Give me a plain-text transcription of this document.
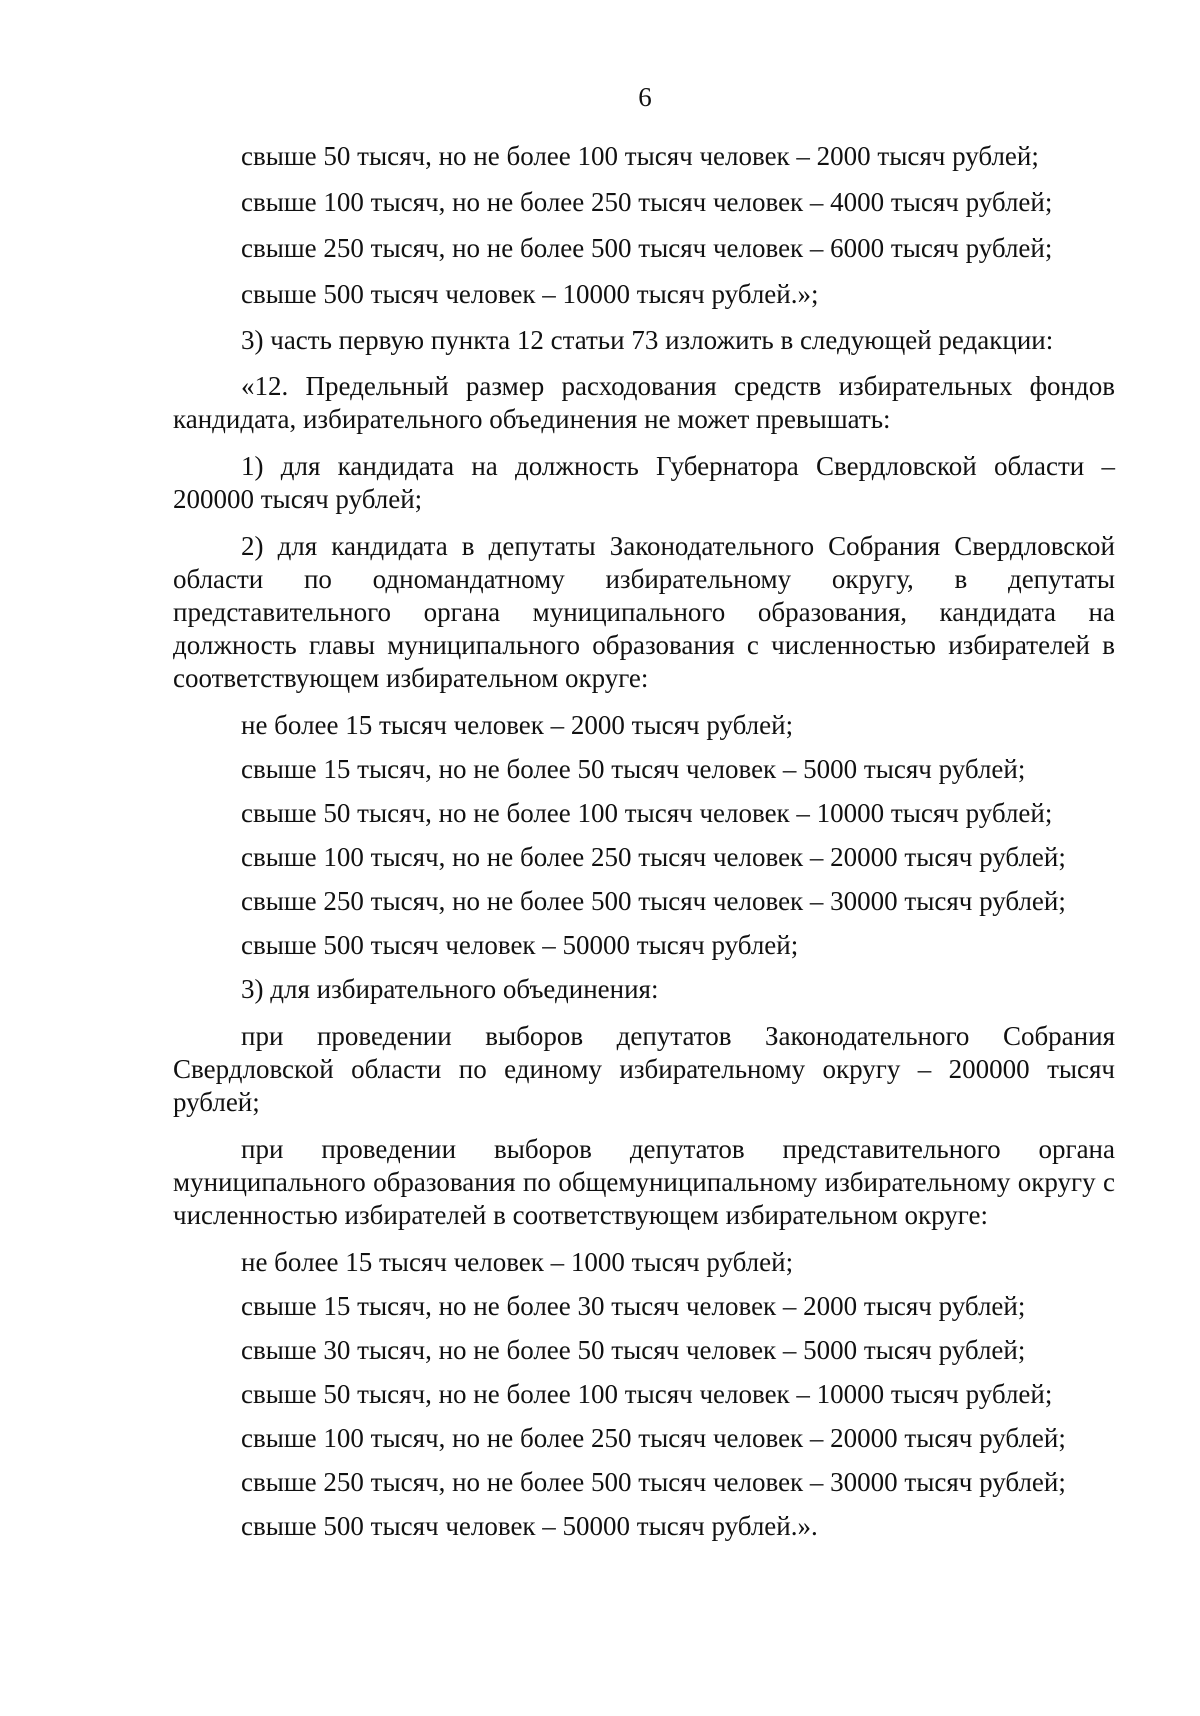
6

свыше 50 тысяч, но не более 100 тысяч человек – 2000 тысяч рублей;

свыше 100 тысяч, но не более 250 тысяч человек – 4000 тысяч рублей;

свыше 250 тысяч, но не более 500 тысяч человек – 6000 тысяч рублей;

свыше 500 тысяч человек – 10000 тысяч рублей.»;

3) часть первую пункта 12 статьи 73 изложить в следующей редакции:

«12. Предельный размер расходования средств избирательных фондов кандидата, избирательного объединения не может превышать:

1) для кандидата на должность Губернатора Свердловской области – 200000 тысяч рублей;

2) для кандидата в депутаты Законодательного Собрания Свердловской области по одномандатному избирательному округу, в депутаты представительного органа муниципального образования, кандидата на должность главы муниципального образования с численностью избирателей в соответствующем избирательном округе:

не более 15 тысяч человек – 2000 тысяч рублей;

свыше 15 тысяч, но не более 50 тысяч человек – 5000 тысяч рублей;

свыше 50 тысяч, но не более 100 тысяч человек – 10000 тысяч рублей;

свыше 100 тысяч, но не более 250 тысяч человек – 20000 тысяч рублей;

свыше 250 тысяч, но не более 500 тысяч человек – 30000 тысяч рублей;

свыше 500 тысяч человек – 50000 тысяч рублей;

3) для избирательного объединения:

при проведении выборов депутатов Законодательного Собрания Свердловской области по единому избирательному округу – 200000 тысяч рублей;

при проведении выборов депутатов представительного органа муниципального образования по общемуниципальному избирательному округу с численностью избирателей в соответствующем избирательном округе:

не более 15 тысяч человек – 1000 тысяч рублей;

свыше 15 тысяч, но не более 30 тысяч человек – 2000 тысяч рублей;

свыше 30 тысяч, но не более 50 тысяч человек – 5000 тысяч рублей;

свыше 50 тысяч, но не более 100 тысяч человек – 10000 тысяч рублей;

свыше 100 тысяч, но не более 250 тысяч человек – 20000 тысяч рублей;

свыше 250 тысяч, но не более 500 тысяч человек – 30000 тысяч рублей;

свыше 500 тысяч человек – 50000 тысяч рублей.».
